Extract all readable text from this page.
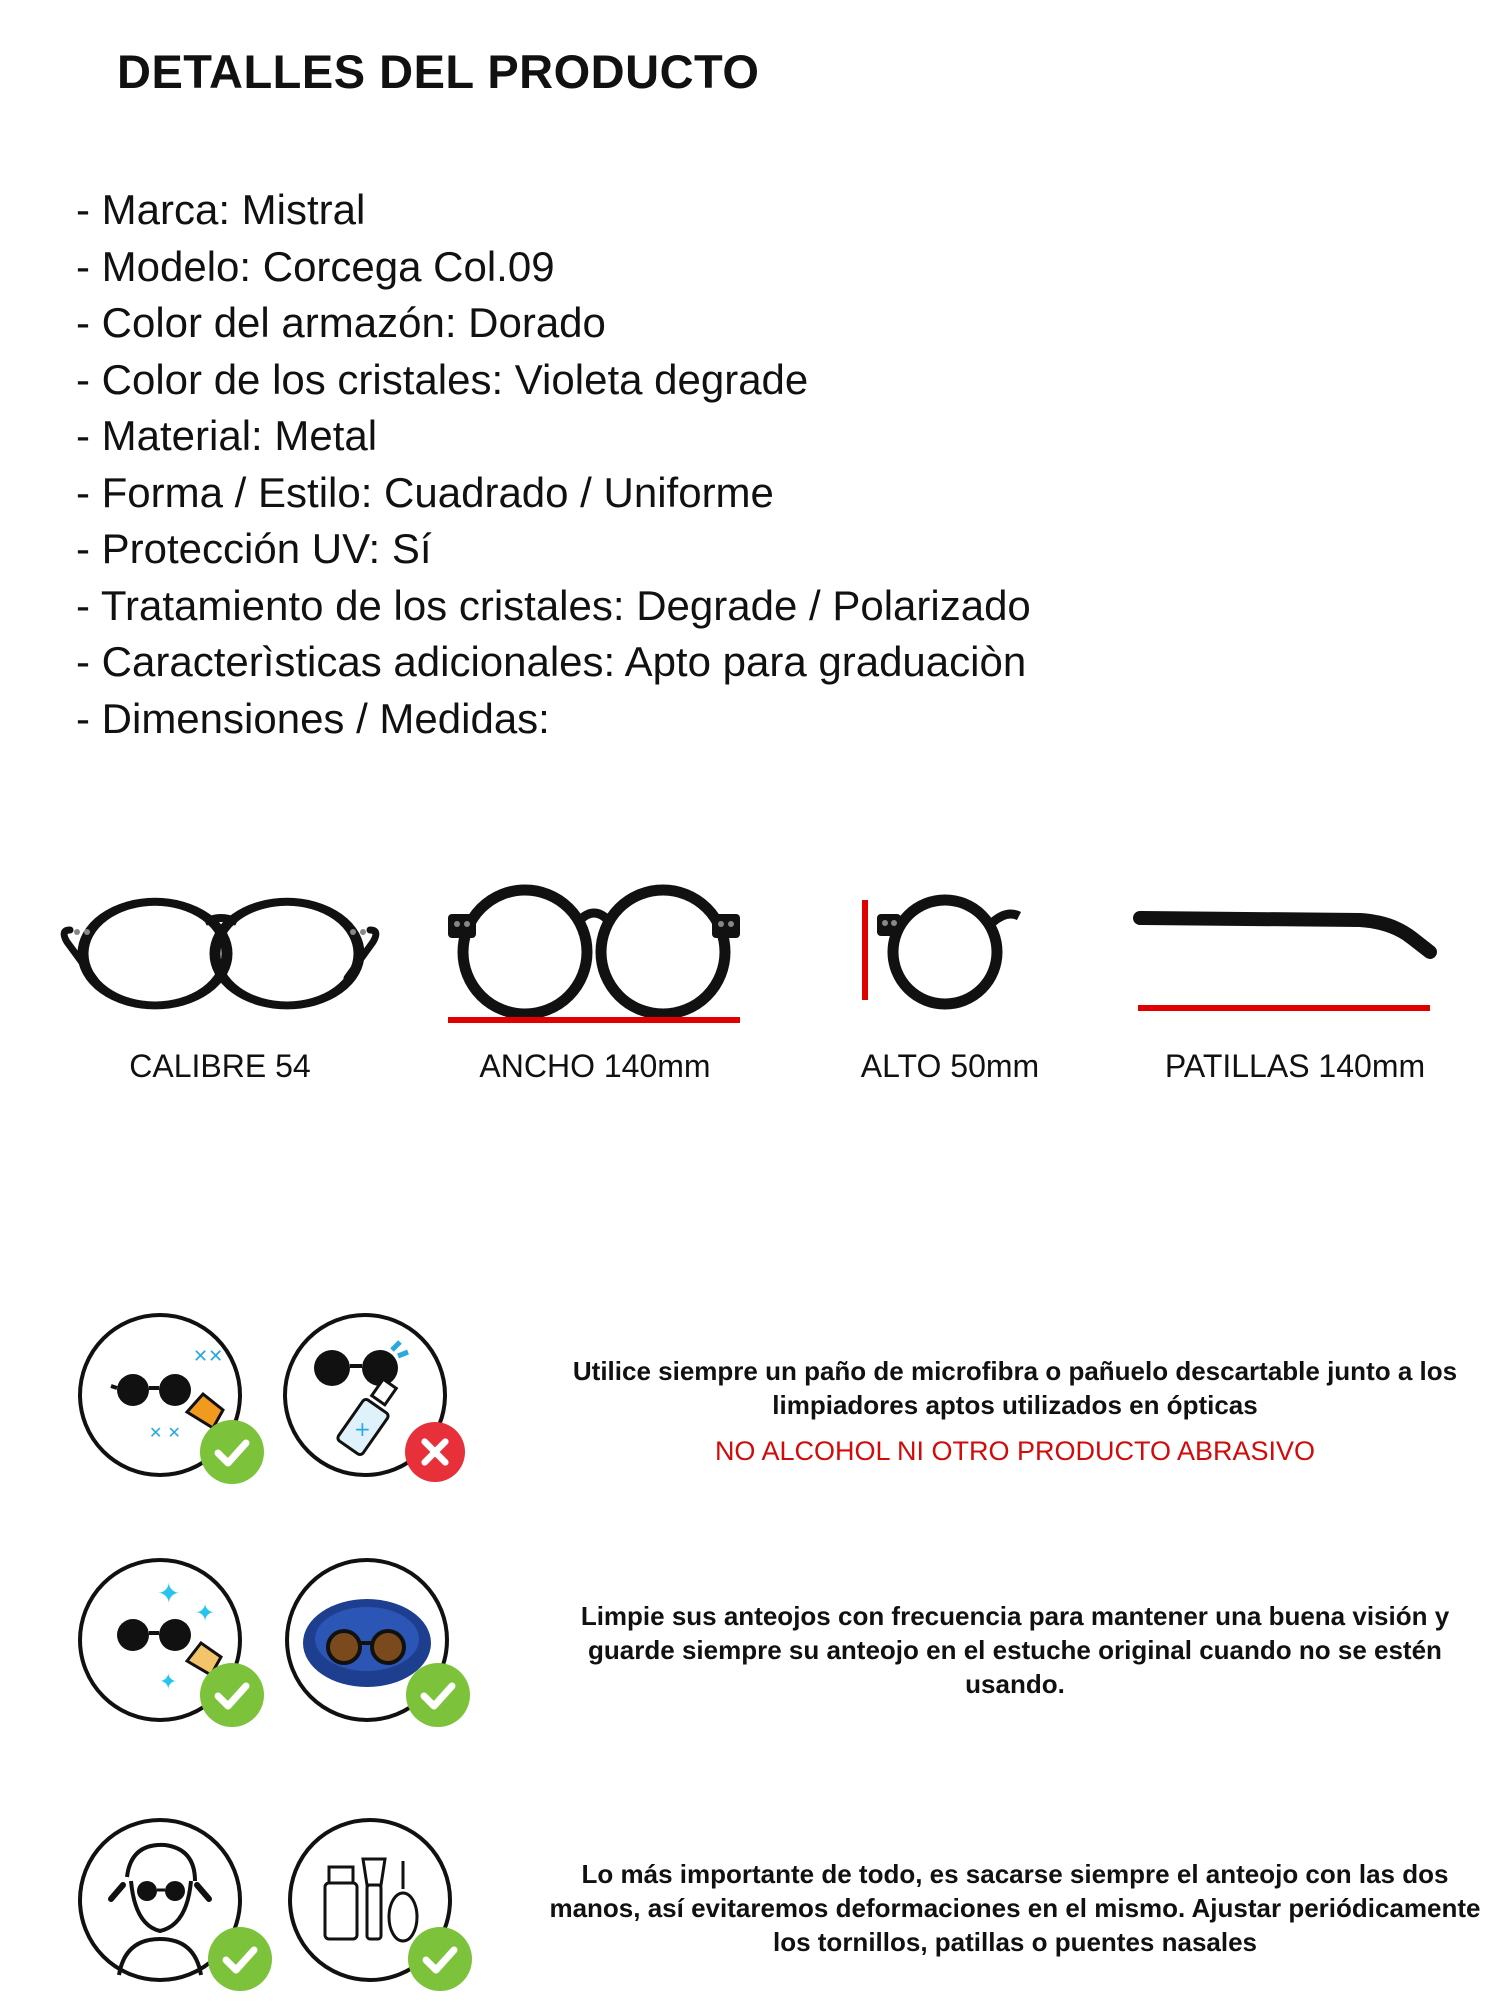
DETALLES DEL PRODUCTO
- Marca: Mistral
- Modelo: Corcega Col.09
- Color del armazón: Dorado
- Color de los cristales: Violeta degrade
- Material: Metal
- Forma / Estilo: Cuadrado / Uniforme
- Protección UV: Sí
- Tratamiento de los cristales: Degrade / Polarizado
- Caracterìsticas adicionales: Apto para graduaciòn
- Dimensiones / Medidas:
CALIBRE 54	ANCHO 140mm	ALTO 50mm	PATILLAS 140mm
✕✕
✕ ✕	+
Utilice siempre un paño de microfibra o pañuelo descartable junto a los limpiadores aptos utilizados en ópticas
NO ALCOHOL NI OTRO PRODUCTO ABRASIVO
✦
✦
✦
Limpie sus anteojos con frecuencia para mantener una buena visión y guarde siempre su anteojo en el estuche original cuando no se estén usando.
Lo más importante de todo, es sacarse siempre el anteojo con las dos manos, así evitaremos deformaciones en el mismo. Ajustar periódicamente los tornillos, patillas o puentes nasales
